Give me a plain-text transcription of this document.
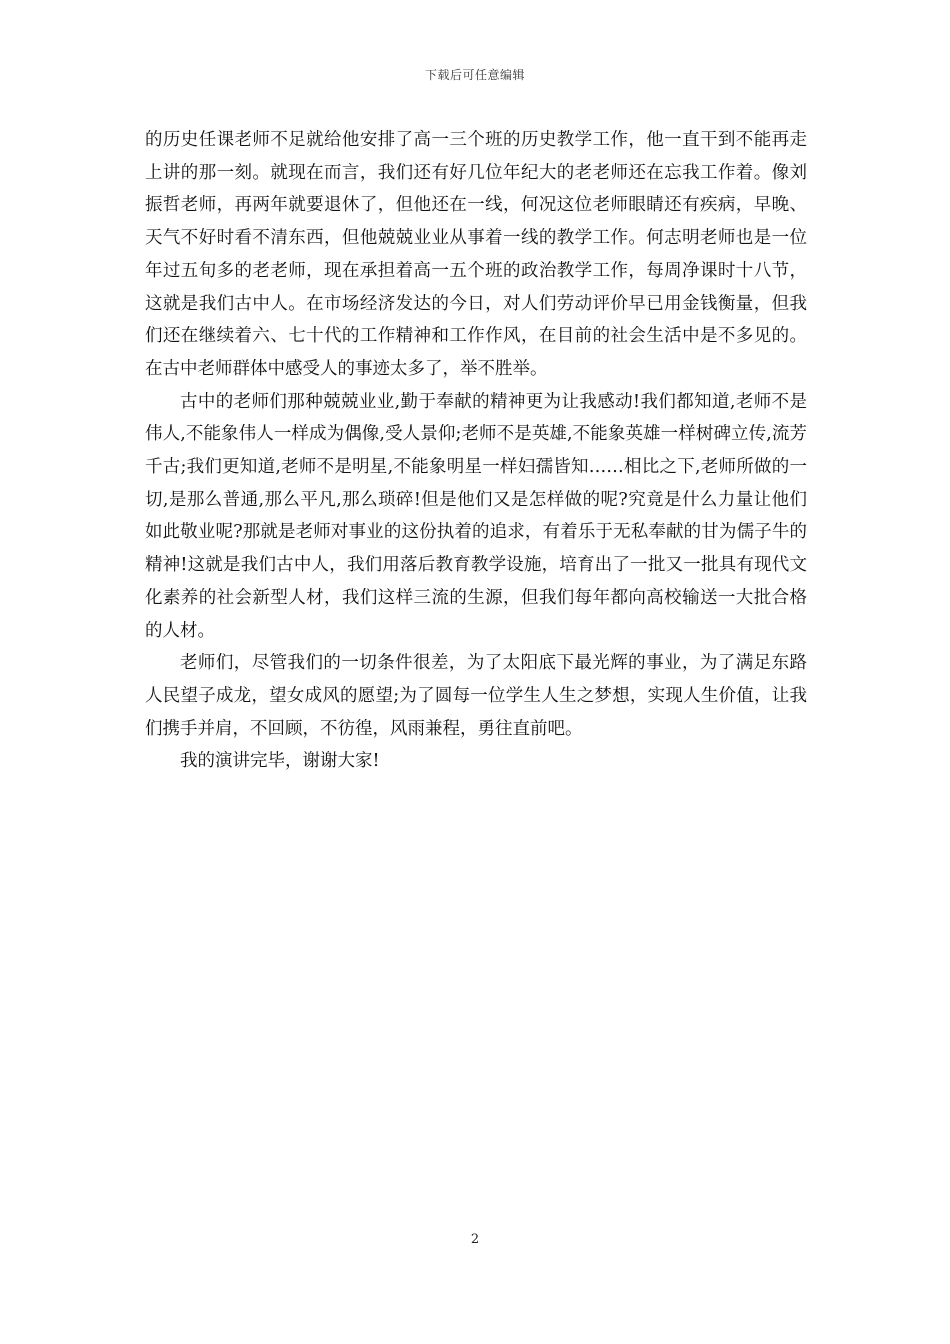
下载后可任意编辑

的历史任课老师不足就给他安排了高一三个班的历史教学工作，他一直干到不能再走上讲的那一刻。就现在而言，我们还有好几位年纪大的老老师还在忘我工作着。像刘振哲老师，再两年就要退休了，但他还在一线，何况这位老师眼睛还有疾病，早晚、天气不好时看不清东西，但他兢兢业业从事着一线的教学工作。何志明老师也是一位年过五旬多的老老师，现在承担着高一五个班的政治教学工作，每周净课时十八节，这就是我们古中人。在市场经济发达的今日，对人们劳动评价早已用金钱衡量，但我们还在继续着六、七十代的工作精神和工作作风，在目前的社会生活中是不多见的。在古中老师群体中感受人的事迹太多了，举不胜举。

古中的老师们那种兢兢业业,勤于奉献的精神更为让我感动!我们都知道,老师不是伟人,不能象伟人一样成为偶像,受人景仰;老师不是英雄,不能象英雄一样树碑立传,流芳千古;我们更知道,老师不是明星,不能象明星一样妇孺皆知……相比之下,老师所做的一切,是那么普通,那么平凡,那么琐碎!但是他们又是怎样做的呢?究竟是什么力量让他们如此敬业呢?那就是老师对事业的这份执着的追求，有着乐于无私奉献的甘为儒子牛的精神!这就是我们古中人，我们用落后教育教学设施，培育出了一批又一批具有现代文化素养的社会新型人材，我们这样三流的生源，但我们每年都向高校输送一大批合格的人材。

老师们，尽管我们的一切条件很差，为了太阳底下最光辉的事业，为了满足东路人民望子成龙，望女成风的愿望;为了圆每一位学生人生之梦想，实现人生价值，让我们携手并肩，不回顾，不彷徨，风雨兼程，勇往直前吧。

我的演讲完毕，谢谢大家!

2
